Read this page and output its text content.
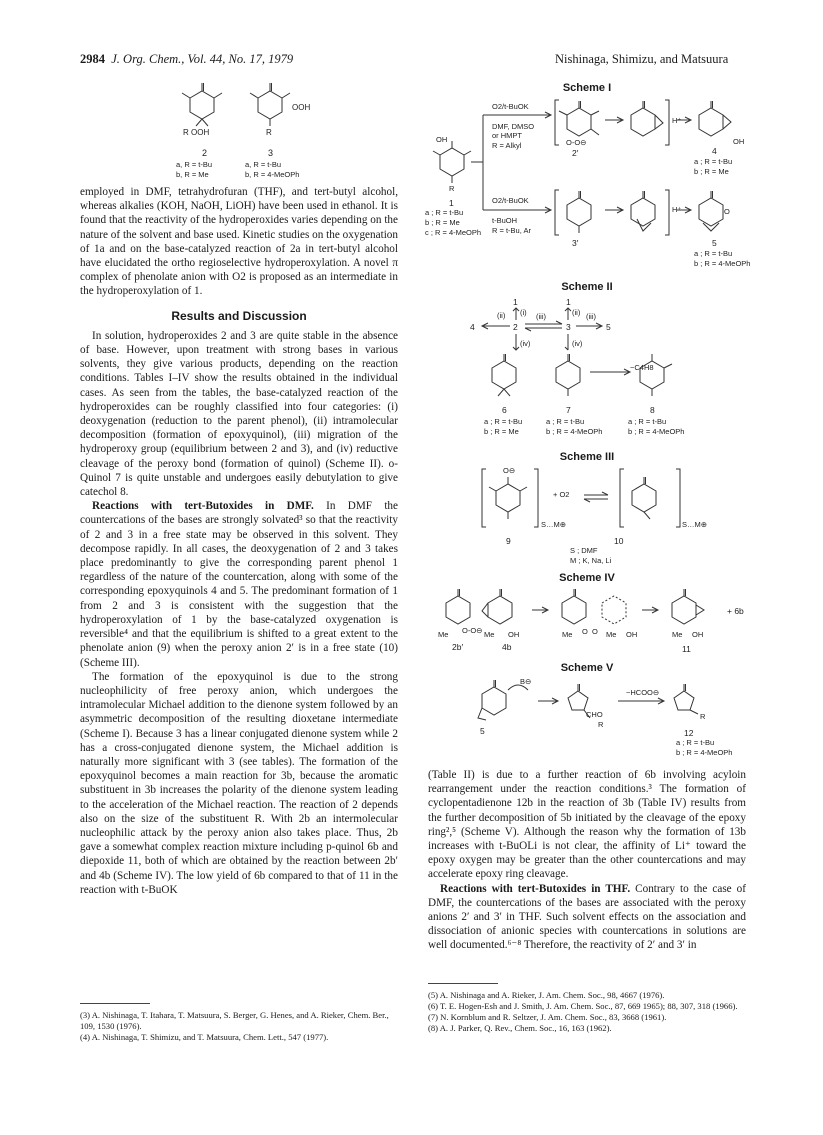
2984 J. Org. Chem., Vol. 44, No. 17, 1979	Nishinaga, Shimizu, and Matsuura
R OOH
2
a, R = t-Bu
b, R = Me
OOH
R
3
a, R = t-Bu
b, R = 4-MeOPh

employed in DMF, tetrahydrofuran (THF), and tert-butyl alcohol, whereas alkalies (KOH, NaOH, LiOH) have been used in ethanol. It is found that the reactivity of the hydroperoxides varies depending on the nature of the solvent and base used. Kinetic studies on the oxygenation of 1a and on the base-catalyzed reaction of 2a in tert-butyl alcohol have elucidated the ortho regioselective hydroperoxylation. A novel π complex of phenolate anion with O2 is proposed as an intermediate in the hydroperoxylation of 1.

Results and Discussion

In solution, hydroperoxides 2 and 3 are quite stable in the absence of base. However, upon treatment with strong bases in various solvents, they give various products, depending on the reaction conditions. Tables I–IV show the results obtained in the individual cases. As seen from the tables, the base-catalyzed reaction of the hydroperoxides can be roughly classified into four categories: (i) deoxygenation (reduction to the parent phenol), (ii) intramolecular decomposition (formation of epoxyquinol), (iii) migration of the hydroperoxy group (equilibrium between 2 and 3), and (iv) reductive cleavage of the peroxy bond (formation of quinol) (Scheme II). o-Quinol 7 is quite unstable and undergoes easily debutylation to give catechol 8.

Reactions with tert-Butoxides in DMF. In DMF the countercations of the bases are strongly solvated³ so that the reactivity of 2 and 3 in a free state may be observed in this solvent. They decompose rapidly. In all cases, the deoxygenation of 2 and 3 takes place predominantly to give the corresponding parent phenol 1 regardless of the nature of the countercation, along with some of the corresponding epoxyquinols 4 and 5. The predominant formation of 1 from 2 and 3 is consistent with the suggestion that the hydroperoxylation of 1 by the base-catalyzed oxygenation is reversible⁴ and that the equilibrium is shifted to a great extent to the phenolate anion (9) when the peroxy anion 2′ is in a free state (10) (Scheme III).

The formation of the epoxyquinol is due to the strong nucleophilicity of free peroxy anion, which undergoes the intramolecular Michael addition to the dienone system followed by an asymmetric decomposition of the resulting dioxetane intermediate (Scheme I). Because 3 has a linear conjugated dienone system while 2 has a cross-conjugated dienone system, the Michael addition is naturally more significant with 3 (see tables). The formation of the epoxyquinol becomes a main reaction for 3b, because the aromatic substituent in 3b increases the polarity of the dienone system leading to the acceleration of the Michael reaction. The reaction of 2 depends also on the size of the substituent R. With 2b an intermolecular nucleophilic attack by the peroxy anion also takes place. Thus, 2b gave a somewhat complex reaction mixture including p-quinol 6b and diepoxide 11, both of which are obtained by the reaction between 2b′ and 4b (Scheme IV). The low yield of 6b compared to that of 11 in the reaction with t-BuOK

(3) A. Nishinaga, T. Itahara, T. Matsuura, S. Berger, G. Henes, and A. Rieker, Chem. Ber., 109, 1530 (1976).
(4) A. Nishinaga, T. Shimizu, and T. Matsuura, Chem. Lett., 547 (1977).
Scheme I
O2/t-BuOK
DMF, DMSO
or HMPT
R = Alkyl
OH
R
1
a ; R = t-Bu
b ; R = Me
c ; R = 4-MeOPh
O-O⊖
2′
H⁺
4
OH
a ; R = t-Bu
b ; R = Me
O2/t-BuOK
t-BuOH
R = t-Bu, Ar
3′
H⁺	O
5
a ; R = t-Bu
b ; R = 4-MeOPh
Scheme II
1	1
4	2	3	5
(ii) (i) (iii)	(ii) (iii)
(iv)	(iv)
−C4H8
6
a ; R = t-Bu
b ; R = Me
7
a ; R = t-Bu
b ; R = 4-MeOPh
8
a ; R = t-Bu
b ; R = 4-MeOPh
Scheme III
O⊖
+ O2
S…M⊕	S…M⊕
9	10
S ; DMF
M ; K, Na, Li
Scheme IV
Me O-O⊖ Me OH	Me O O Me OH	Me OH
+ 6b
2b′	4b	11
Scheme V
B⊖
−HCOO⊖
CHO
R
R
5	12
a ; R = t-Bu
b ; R = 4-MeOPh

(Table II) is due to a further reaction of 6b involving acyloin rearrangement under the reaction conditions.³ The formation of cyclopentadienone 12b in the reaction of 3b (Table IV) results from the further decomposition of 5b initiated by the cleavage of the epoxy ring²,⁵ (Scheme V). Although the reason why the formation of 13b increases with t-BuOLi is not clear, the affinity of Li⁺ toward the epoxy oxygen may be greater than the other countercations and may accelerate epoxy ring cleavage.

Reactions with tert-Butoxides in THF. Contrary to the case of DMF, the countercations of the bases are associated with the peroxy anions 2′ and 3′ in THF. Such solvent effects on the association and dissociation of anionic species with countercations in solutions are well documented.⁶⁻⁸ Therefore, the reactivity of 2′ and 3′ in

(5) A. Nishinaga and A. Rieker, J. Am. Chem. Soc., 98, 4667 (1976).
(6) T. E. Hogen-Esh and J. Smith, J. Am. Chem. Soc., 87, 669 1965); 88, 307, 318 (1966).
(7) N. Kornblum and R. Seltzer, J. Am. Chem. Soc., 83, 3668 (1961).
(8) A. J. Parker, Q. Rev., Chem. Soc., 16, 163 (1962).
